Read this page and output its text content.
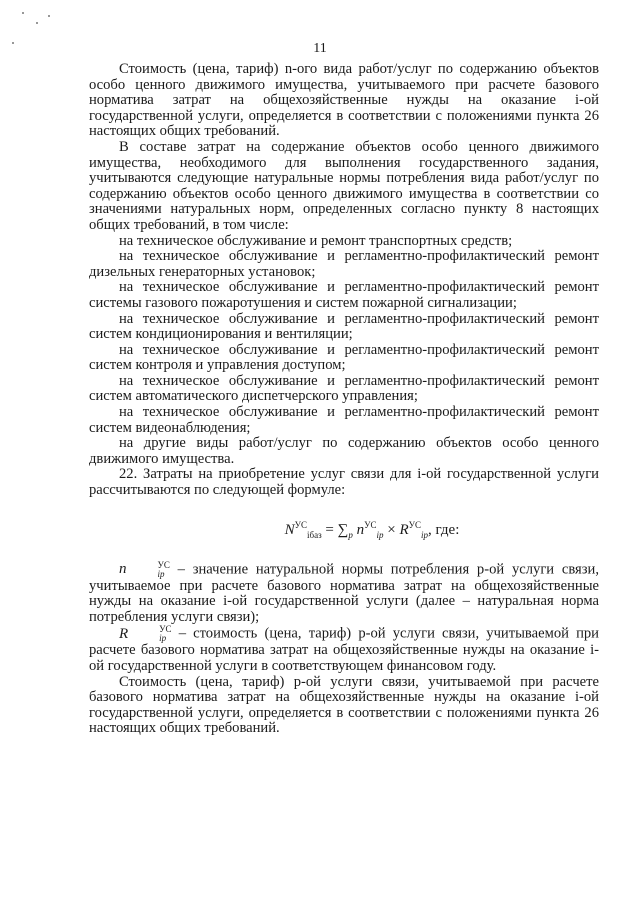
11

Стоимость (цена, тариф) n-ого вида работ/услуг по содержанию объектов особо ценного движимого имущества, учитываемого при расчете базового норматива затрат на общехозяйственные нужды на оказание i-ой государственной услуги, определяется в соответствии с положениями пункта 26 настоящих общих требований.

В составе затрат на содержание объектов особо ценного движимого имущества, необходимого для выполнения государственного задания, учитываются следующие натуральные нормы потребления вида работ/услуг по содержанию объектов особо ценного движимого имущества в соответствии со значениями натуральных норм, определенных согласно пункту 8 настоящих общих требований, в том числе:

на техническое обслуживание и ремонт транспортных средств;

на техническое обслуживание и регламентно-профилактический ремонт дизельных генераторных установок;

на техническое обслуживание и регламентно-профилактический ремонт системы газового пожаротушения и систем пожарной сигнализации;

на техническое обслуживание и регламентно-профилактический ремонт систем кондиционирования и вентиляции;

на техническое обслуживание и регламентно-профилактический ремонт систем контроля и управления доступом;

на техническое обслуживание и регламентно-профилактический ремонт систем автоматического диспетчерского управления;

на техническое обслуживание и регламентно-профилактический ремонт систем видеонаблюдения;

на другие виды работ/услуг по содержанию объектов особо ценного движимого имущества.

22. Затраты на приобретение услуг связи для i-ой государственной услуги рассчитываются по следующей формуле:

$N^{УС}_{iбаз} = \sum_p$ $n^{УС}_{ip} \times R^{УС}_{ip}$, где:

n	УС
ip – значение натуральной нормы потребления p-ой услуги связи, учитываемое при расчете базового норматива затрат на общехозяйственные нужды на оказание i-ой государственной услуги (далее – натуральная норма потребления услуги связи);

R	УС
ip – стоимость (цена, тариф) p-ой услуги связи, учитываемой при расчете базового норматива затрат на общехозяйственные нужды на оказание i-ой государственной услуги в соответствующем финансовом году.

Стоимость (цена, тариф) p-ой услуги связи, учитываемой при расчете базового норматива затрат на общехозяйственные нужды на оказание i-ой государственной услуги, определяется в соответствии с положениями пункта 26 настоящих общих требований.
